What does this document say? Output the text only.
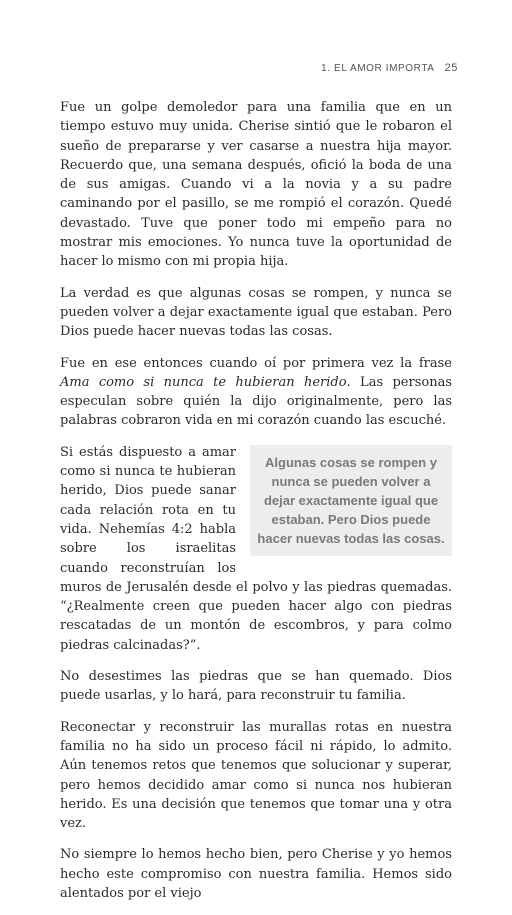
1. EL AMOR IMPORTA 25

Fue un golpe demoledor para una familia que en un tiempo estuvo muy unida. Cherise sintió que le robaron el sueño de prepararse y ver casarse a nuestra hija mayor. Recuerdo que, una semana después, ofició la boda de una de sus amigas. Cuando vi a la novia y a su padre caminando por el pasillo, se me rompió el corazón. Quedé devastado. Tuve que poner todo mi empeño para no mostrar mis emociones. Yo nunca tuve la oportunidad de hacer lo mismo con mi propia hija.

La verdad es que algunas cosas se rompen, y nunca se pueden volver a dejar exactamente igual que estaban. Pero Dios puede hacer nuevas todas las cosas.

Fue en ese entonces cuando oí por primera vez la frase Ama como si nunca te hubieran herido. Las personas especulan sobre quién la dijo originalmente, pero las palabras cobraron vida en mi corazón cuando las escuché.

Algunas cosas se rompen y nunca se pueden volver a dejar exactamente igual que estaban. Pero Dios puede hacer nuevas todas las cosas.
Si estás dispuesto a amar como si nunca te hubieran herido, Dios puede sanar cada relación rota en tu vida. Nehemías 4:2 habla sobre los israelitas cuando reconstruían los muros de Jerusalén desde el polvo y las piedras quemadas. “¿Realmente creen que pueden hacer algo con piedras rescatadas de un montón de escombros, y para colmo piedras calcinadas?”.

No desestimes las piedras que se han quemado. Dios puede usarlas, y lo hará, para reconstruir tu familia.

Reconectar y reconstruir las murallas rotas en nuestra familia no ha sido un proceso fácil ni rápido, lo admito. Aún tenemos retos que tenemos que solucionar y superar, pero hemos decidido amar como si nunca nos hubieran herido. Es una decisión que tenemos que tomar una y otra vez.

No siempre lo hemos hecho bien, pero Cherise y yo hemos hecho este compromiso con nuestra familia. Hemos sido alentados por el viejo
